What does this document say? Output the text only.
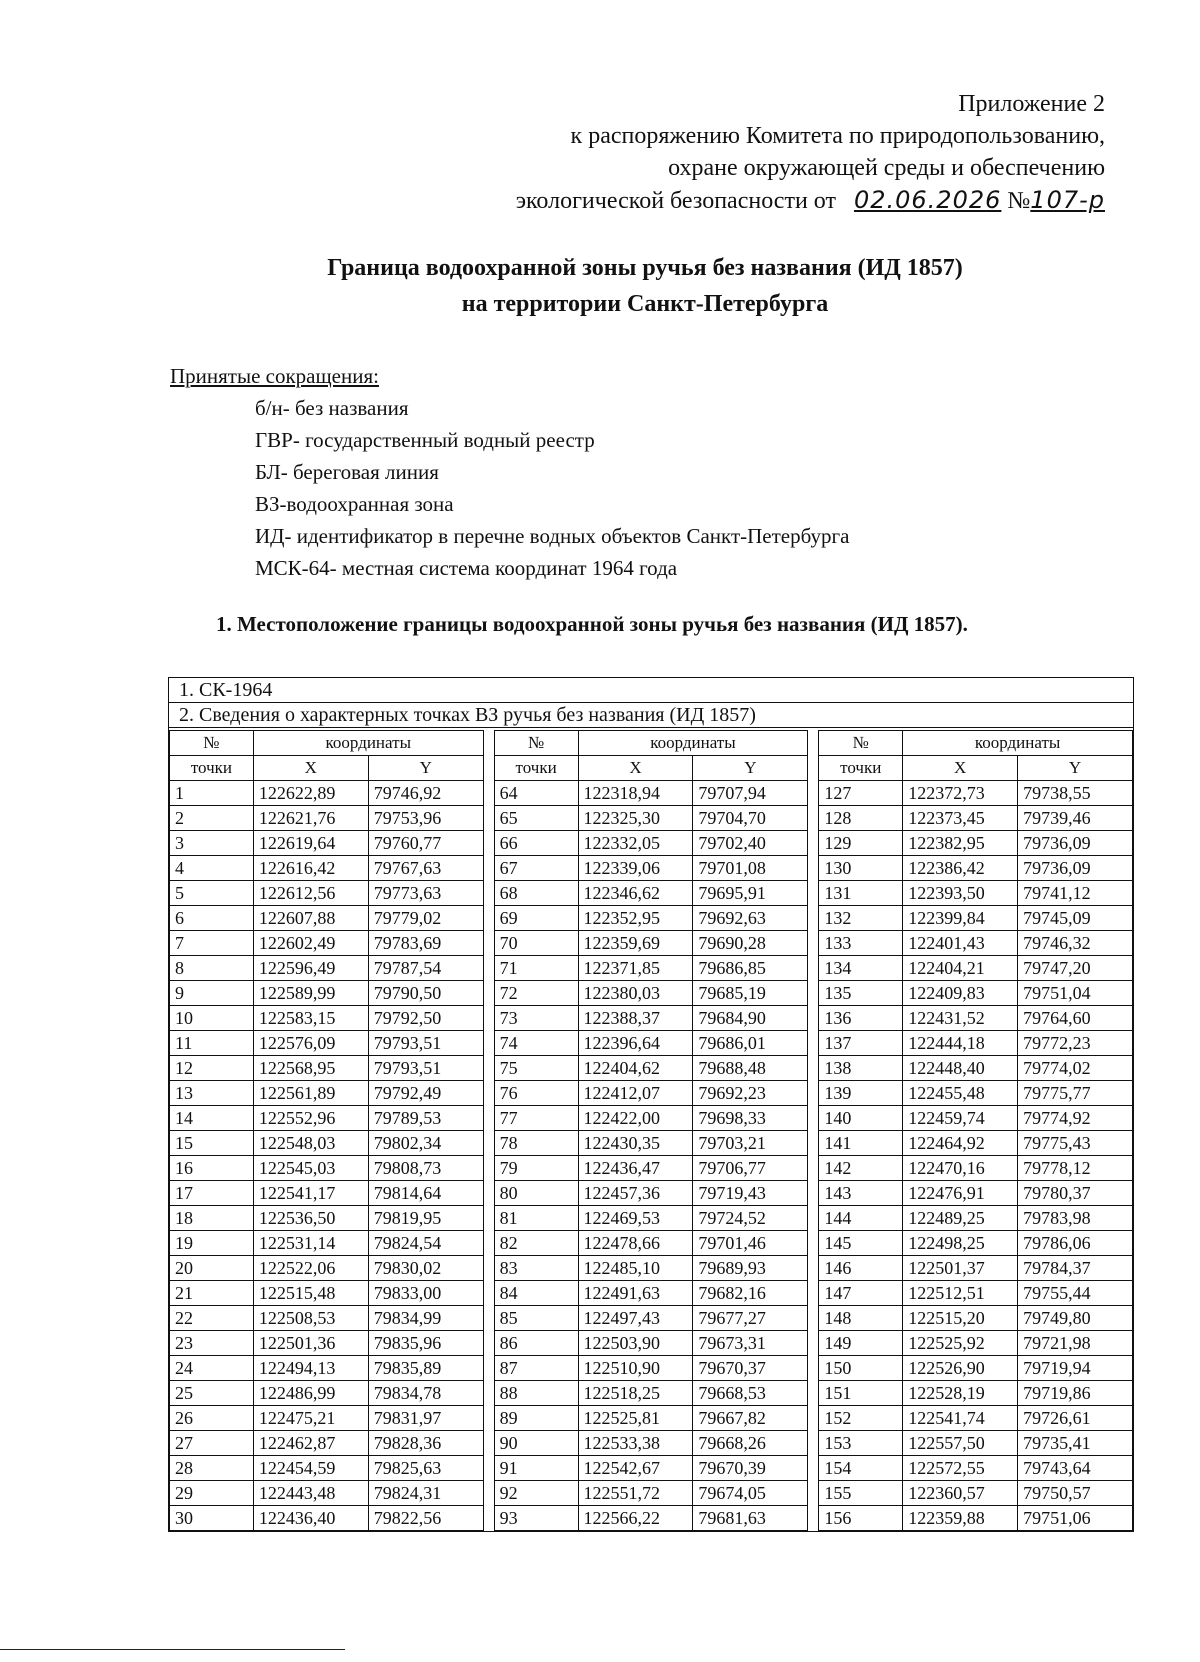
Приложение 2
к распоряжению Комитета по природопользованию,
охране окружающей среды и обеспечению
экологической безопасности от 02.06.2026 №107-р
Граница водоохранной зоны ручья без названия (ИД 1857)
на территории Санкт-Петербурга
Принятые сокращения:
б/н- без названия
ГВР- государственный водный реестр
БЛ- береговая линия
ВЗ-водоохранная зона
ИД- идентификатор в перечне водных объектов Санкт-Петербурга
МСК-64- местная система координат 1964 года
1. Местоположение границы водоохранной зоны ручья без названия (ИД 1857).
1. СК-1964
2. Сведения о характерных точках ВЗ ручья без названия (ИД 1857)
№	координаты	
точки	X	Y
1	122622,89	79746,92
2	122621,76	79753,96
3	122619,64	79760,77
4	122616,42	79767,63
5	122612,56	79773,63
6	122607,88	79779,02
7	122602,49	79783,69
8	122596,49	79787,54
9	122589,99	79790,50
10	122583,15	79792,50
11	122576,09	79793,51
12	122568,95	79793,51
13	122561,89	79792,49
14	122552,96	79789,53
15	122548,03	79802,34
16	122545,03	79808,73
17	122541,17	79814,64
18	122536,50	79819,95
19	122531,14	79824,54
20	122522,06	79830,02
21	122515,48	79833,00
22	122508,53	79834,99
23	122501,36	79835,96
24	122494,13	79835,89
25	122486,99	79834,78
26	122475,21	79831,97
27	122462,87	79828,36
28	122454,59	79825,63
29	122443,48	79824,31
30	122436,40	79822,56
№	координаты	
точки	X	Y
64	122318,94	79707,94
65	122325,30	79704,70
66	122332,05	79702,40
67	122339,06	79701,08
68	122346,62	79695,91
69	122352,95	79692,63
70	122359,69	79690,28
71	122371,85	79686,85
72	122380,03	79685,19
73	122388,37	79684,90
74	122396,64	79686,01
75	122404,62	79688,48
76	122412,07	79692,23
77	122422,00	79698,33
78	122430,35	79703,21
79	122436,47	79706,77
80	122457,36	79719,43
81	122469,53	79724,52
82	122478,66	79701,46
83	122485,10	79689,93
84	122491,63	79682,16
85	122497,43	79677,27
86	122503,90	79673,31
87	122510,90	79670,37
88	122518,25	79668,53
89	122525,81	79667,82
90	122533,38	79668,26
91	122542,67	79670,39
92	122551,72	79674,05
93	122566,22	79681,63
№	координаты	
точки	X	Y
127	122372,73	79738,55
128	122373,45	79739,46
129	122382,95	79736,09
130	122386,42	79736,09
131	122393,50	79741,12
132	122399,84	79745,09
133	122401,43	79746,32
134	122404,21	79747,20
135	122409,83	79751,04
136	122431,52	79764,60
137	122444,18	79772,23
138	122448,40	79774,02
139	122455,48	79775,77
140	122459,74	79774,92
141	122464,92	79775,43
142	122470,16	79778,12
143	122476,91	79780,37
144	122489,25	79783,98
145	122498,25	79786,06
146	122501,37	79784,37
147	122512,51	79755,44
148	122515,20	79749,80
149	122525,92	79721,98
150	122526,90	79719,94
151	122528,19	79719,86
152	122541,74	79726,61
153	122557,50	79735,41
154	122572,55	79743,64
155	122360,57	79750,57
156	122359,88	79751,06
